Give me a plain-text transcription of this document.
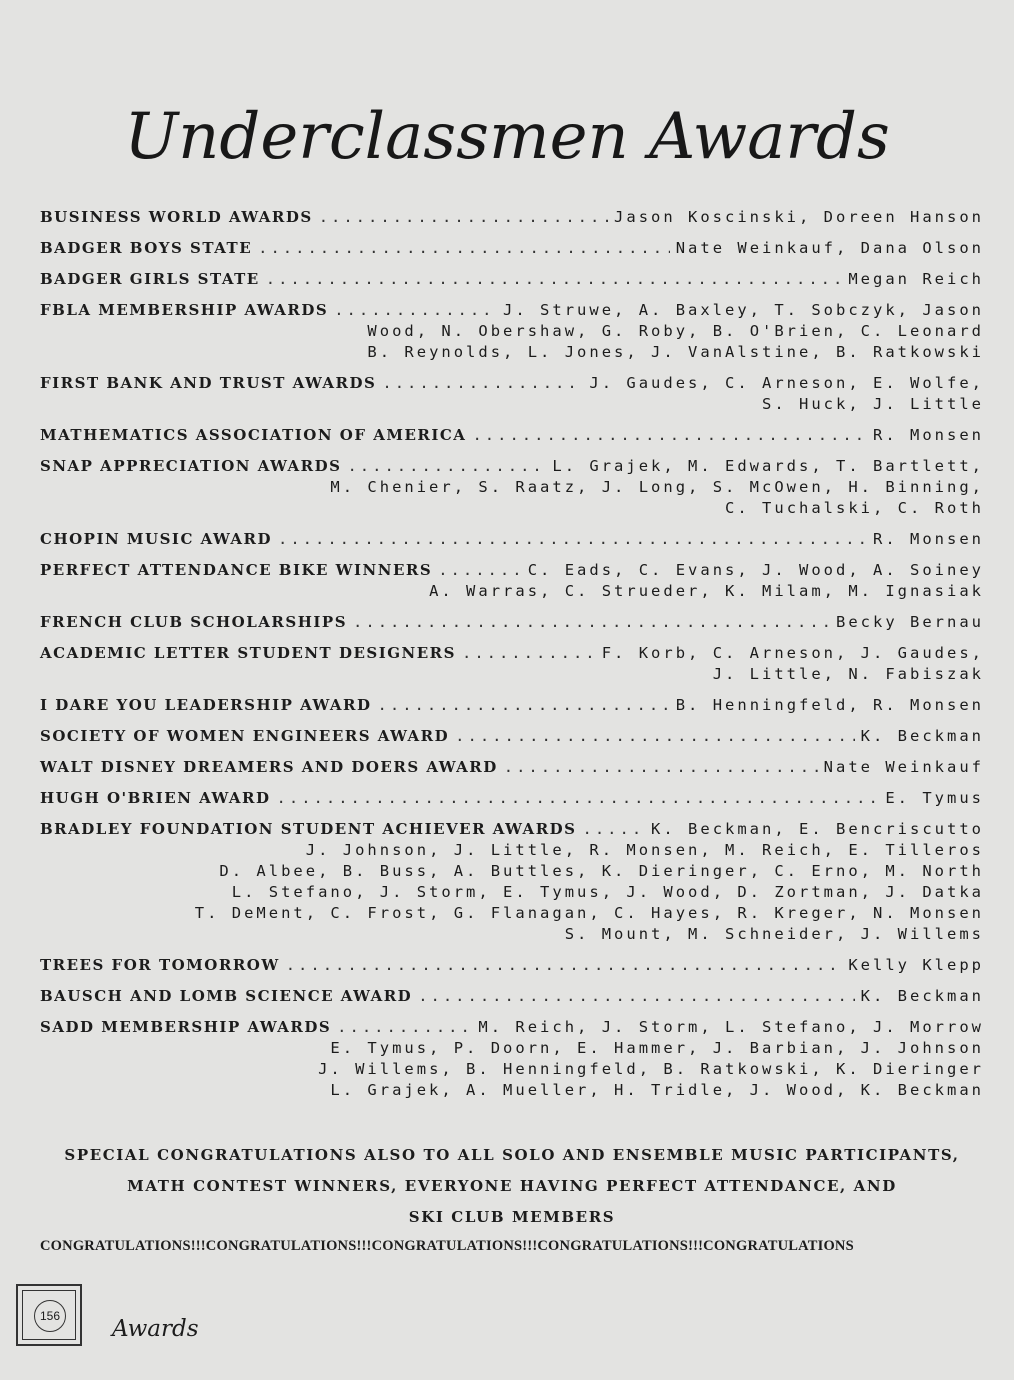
Underclassmen Awards
BUSINESS WORLD AWARDS .....	Jason Koscinski, Doreen Hanson
BADGER BOYS STATE .....	Nate Weinkauf, Dana Olson
BADGER GIRLS STATE .....	Megan Reich
FBLA MEMBERSHIP AWARDS .....	J. Struwe, A. Baxley, T. Sobczyk, Jason
Wood, N. Obershaw, G. Roby, B. O'Brien, C. Leonard
B. Reynolds, L. Jones, J. VanAlstine, B. Ratkowski
FIRST BANK AND TRUST AWARDS .....	J. Gaudes, C. Arneson, E. Wolfe,
S. Huck, J. Little
MATHEMATICS ASSOCIATION OF AMERICA .....	R. Monsen
SNAP APPRECIATION AWARDS .....	L. Grajek, M. Edwards, T. Bartlett,
M. Chenier, S. Raatz, J. Long, S. McOwen, H. Binning,
C. Tuchalski, C. Roth
CHOPIN MUSIC AWARD .....	R. Monsen
PERFECT ATTENDANCE BIKE WINNERS .....	C. Eads, C. Evans, J. Wood, A. Soiney
A. Warras, C. Strueder, K. Milam, M. Ignasiak
FRENCH CLUB SCHOLARSHIPS .....	Becky Bernau
ACADEMIC LETTER STUDENT DESIGNERS .....	F. Korb, C. Arneson, J. Gaudes,
J. Little, N. Fabiszak
I DARE YOU LEADERSHIP AWARD .....	B. Henningfeld, R. Monsen
SOCIETY OF WOMEN ENGINEERS AWARD .....	K. Beckman
WALT DISNEY DREAMERS AND DOERS AWARD .....	Nate Weinkauf
HUGH O'BRIEN AWARD .....	E. Tymus
BRADLEY FOUNDATION STUDENT ACHIEVER AWARDS .....	K. Beckman, E. Bencriscutto
J. Johnson, J. Little, R. Monsen, M. Reich, E. Tilleros
D. Albee, B. Buss, A. Buttles, K. Dieringer, C. Erno, M. North
L. Stefano, J. Storm, E. Tymus, J. Wood, D. Zortman, J. Datka
T. DeMent, C. Frost, G. Flanagan, C. Hayes, R. Kreger, N. Monsen
S. Mount, M. Schneider, J. Willems
TREES FOR TOMORROW .....	Kelly Klepp
BAUSCH AND LOMB SCIENCE AWARD .....	K. Beckman
SADD MEMBERSHIP AWARDS .....	M. Reich, J. Storm, L. Stefano, J. Morrow
E. Tymus, P. Doorn, E. Hammer, J. Barbian, J. Johnson
J. Willems, B. Henningfeld, B. Ratkowski, K. Dieringer
L. Grajek, A. Mueller, H. Tridle, J. Wood, K. Beckman
SPECIAL CONGRATULATIONS ALSO TO ALL SOLO AND ENSEMBLE MUSIC PARTICIPANTS,
MATH CONTEST WINNERS, EVERYONE HAVING PERFECT ATTENDANCE, AND
SKI CLUB MEMBERS
CONGRATULATIONS!!!CONGRATULATIONS!!!CONGRATULATIONS!!!CONGRATULATIONS!!!CONGRATULATIONS
156 Awards
